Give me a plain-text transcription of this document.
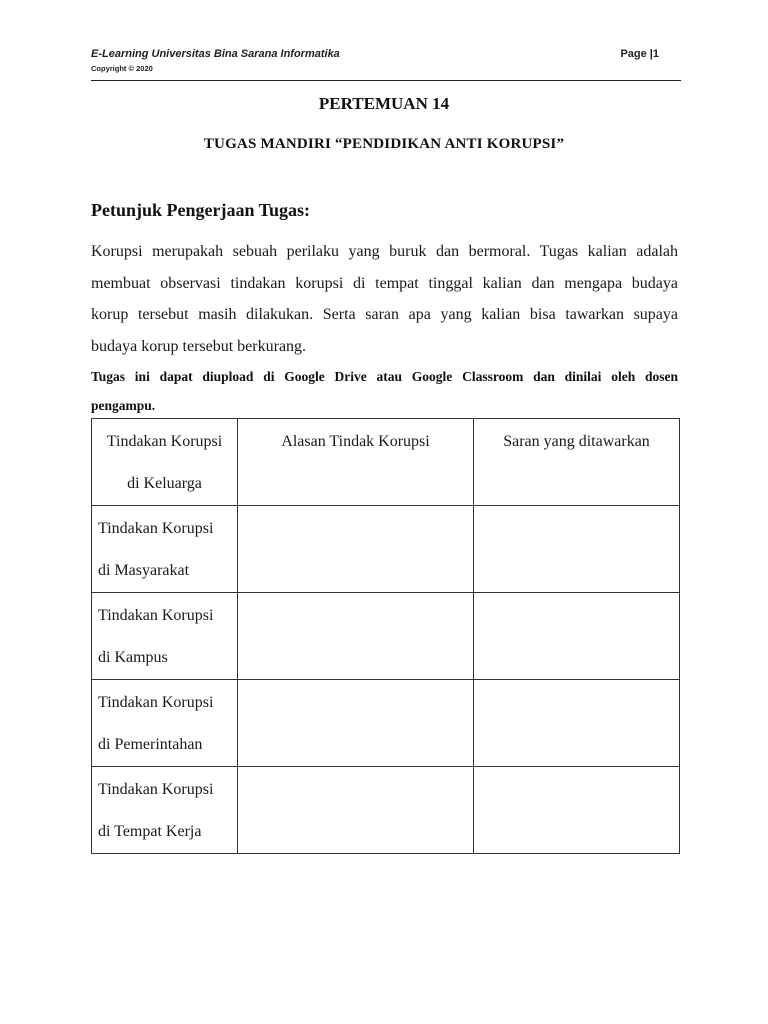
E-Learning Universitas Bina Sarana Informatika
Copyright © 2020
Page |1
PERTEMUAN 14
TUGAS MANDIRI “PENDIDIKAN ANTI KORUPSI”
Petunjuk Pengerjaan Tugas:
Korupsi merupakah sebuah perilaku yang buruk dan bermoral. Tugas kalian adalah
membuat observasi tindakan korupsi di tempat tinggal kalian dan mengapa budaya
korup tersebut masih dilakukan. Serta saran apa yang kalian bisa tawarkan supaya
budaya korup tersebut berkurang.
Tugas ini dapat diupload di Google Drive atau Google Classroom dan dinilai oleh dosen
pengampu.
Tindakan Korupsi
di Keluarga	Alasan Tindak Korupsi	Saran yang ditawarkan

Tindakan Korupsi
di Masyarakat		

Tindakan Korupsi
di Kampus		

Tindakan Korupsi
di Pemerintahan		

Tindakan Korupsi
di Tempat Kerja		
